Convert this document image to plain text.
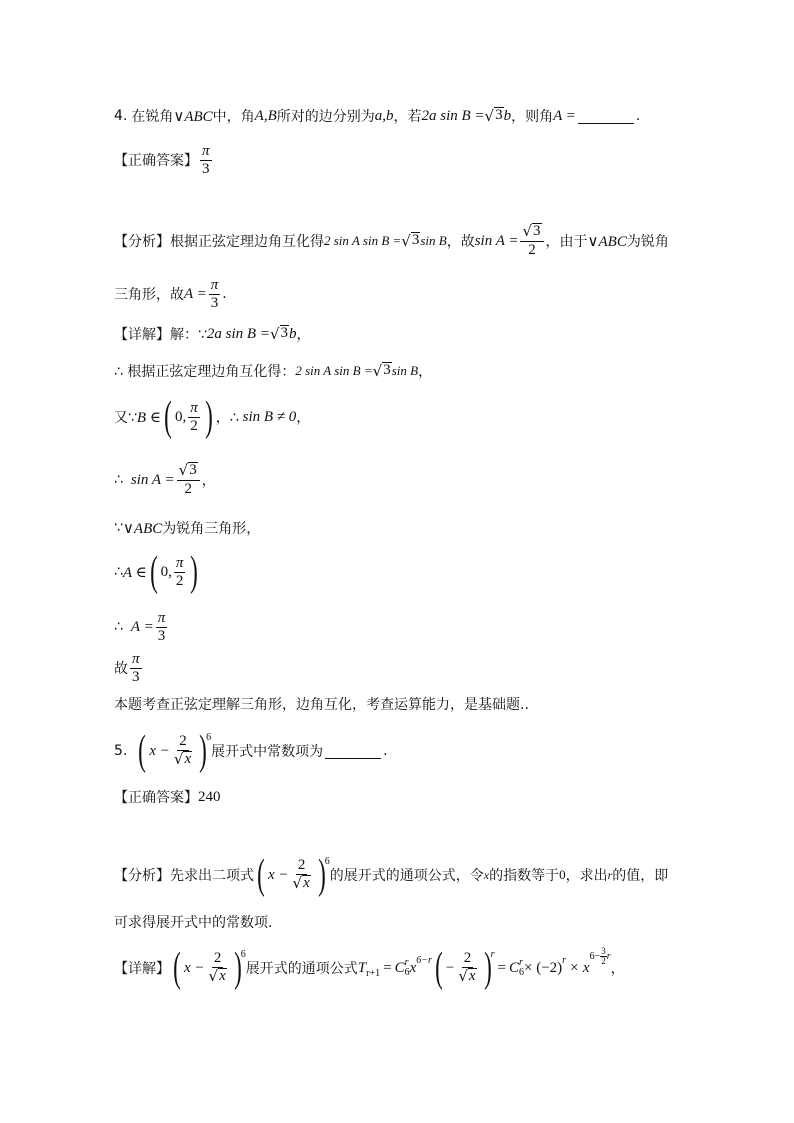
4. 在锐角 ∨ABC 中，角 A,B 所对的边分别为 a,b ，若 2a sin B = √ 3 b ，则角 A =	.
【正确答案】 $\frac{\pi}{3}$
【分析】 根据正弦定理边角互化得 2 sin A sin B = √ 3 sin B ，故 $\sin A = \frac{√ 3}{2}$ ，由于 ∨ABC 为锐角
三角形，故 $A = \frac{\pi}{3}$ .
【详解】 解：∵ 2a sin B = √ 3 b ，
∴ 根据正弦定理边角互化得： 2 sin A sin B = √ 3 sin B ，
又∵ B ∈ ( 0, $\frac{\pi}{2}$ ) ，∴ sin B ≠ 0 ，
∴ $\sin A = \frac{√ 3}{2}$ ，
∵ ∨ABC 为锐角三角形，
∴ A ∈ ( 0, $\frac{\pi}{2}$ )
∴ $A = \frac{\pi}{3}$
故 $\frac{\pi}{3}$
本题考查正弦定理解三角形，边角互化，考查运算能力，是基础题..
5. ( $x - \frac{2}{√ x}$ ) 6
展开式中常数项为	.
【正确答案】 240
【分析】 先求出二项式 ( $x - \frac{2}{√ x}$ ) 6
的展开式的通项公式，令 x 的指数等于 0 ，求出 r 的值，即
可求得展开式中的常数项.
【详解】 ( $x - \frac{2}{√ x}$ ) 6
展开式的通项公式 T r+1 = C r
6 x 6−r ( − $\frac{2}{√ x}$ ) r
= C r
6 × (−2) r × x
$6- \frac{3}{2}$ r
，
